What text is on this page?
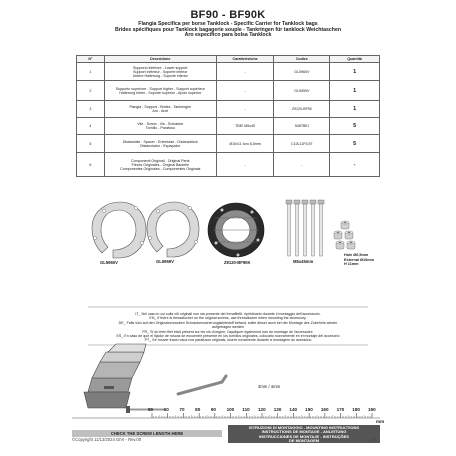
BF90 - BF90K
Flangia Specifica per borse Tanklock - Specific Carrier for Tanklock bags
Brides spécifiques pour Tanklock bagagerie souple - Tankringen für tanklock Weichtaschen
Aro específico para bolsa Tanklock
N°	Descrizione	Caratteristiche	Codice	Quantità
1	Supporto inferiore - Lower support
Support inférieur - Soporte inferior
Untere Halterung - Suporte inferior	-	GL5960V	1
2	Supporto superiore - Support higher - Support supérieur
Halterung höher - Soporte superior - Apoio superior	-	GL5959V	1
3	Flangia - Support - Brides - Tankringen
Aro - Anel	-	Z9120-BF90	1
4	Vite - Screw - Vis - Schraube
Tornillo - Parafuso	TBEI M5x45	545TBEI	5
5	Distanziale - Spacer - Entretoise - Distanzstück
Distanciador - Espaçador	Ø10x11 foro 6,5mm	C10L11F6,5T	5
6	Componenti Originali - Original Parts
Pièces Originales - Original Bauteile
Componentes Originales - Componentes Originais	-	-	-
GL5960V	GL5959V	Z9120-BF90K	M5x45mm
Hole Ø6,5mm
External Ø10mm
H 11mm
IT_ Nel caso in cui sulla viti originali non sia presente del frenafiletti, ripristinarlo durante il montaggio dell'accessorio.
EN_ If there is threadlocker on the original screws, use threadlocker when mounting the accessory.
DE_ Falls sich auf den Originalschrauben Schraubensicherungsklebstoff befand, sollte dieser auch bei der Montage des Zubehörs wieder
aufgetragen werden
FR_ Si du frein filet était présent sur les vis d'origine, l'appliquer également lors du montage de l'accessoire.
ES_ En caso de que el fijador de roscas se encuentre presente en los tornillos originales, colocarlo nuevamente en el montaje del accesorio
PT_ Se houver trava rosca nos parafusos originais, inserir novamente durante a montagem do acessório
3mm / 4mm
50 60 70 80 90 100 110 120 130 140 150 160 170 180 190
mm
CHECK THE SCREW LENGTH HERE
©Copyright 11/13/2024 GIVI - Rev.00
ISTRUZIONI DI MONTAGGIO - MOUNTING INSTRUCTIONS
INSTRUCTIONS DE MONTAGE - ANLEITUNG
INSTRUCCIONES DE MONTAJE - INSTRUÇÕES
DE MONTAGEM	2/2
